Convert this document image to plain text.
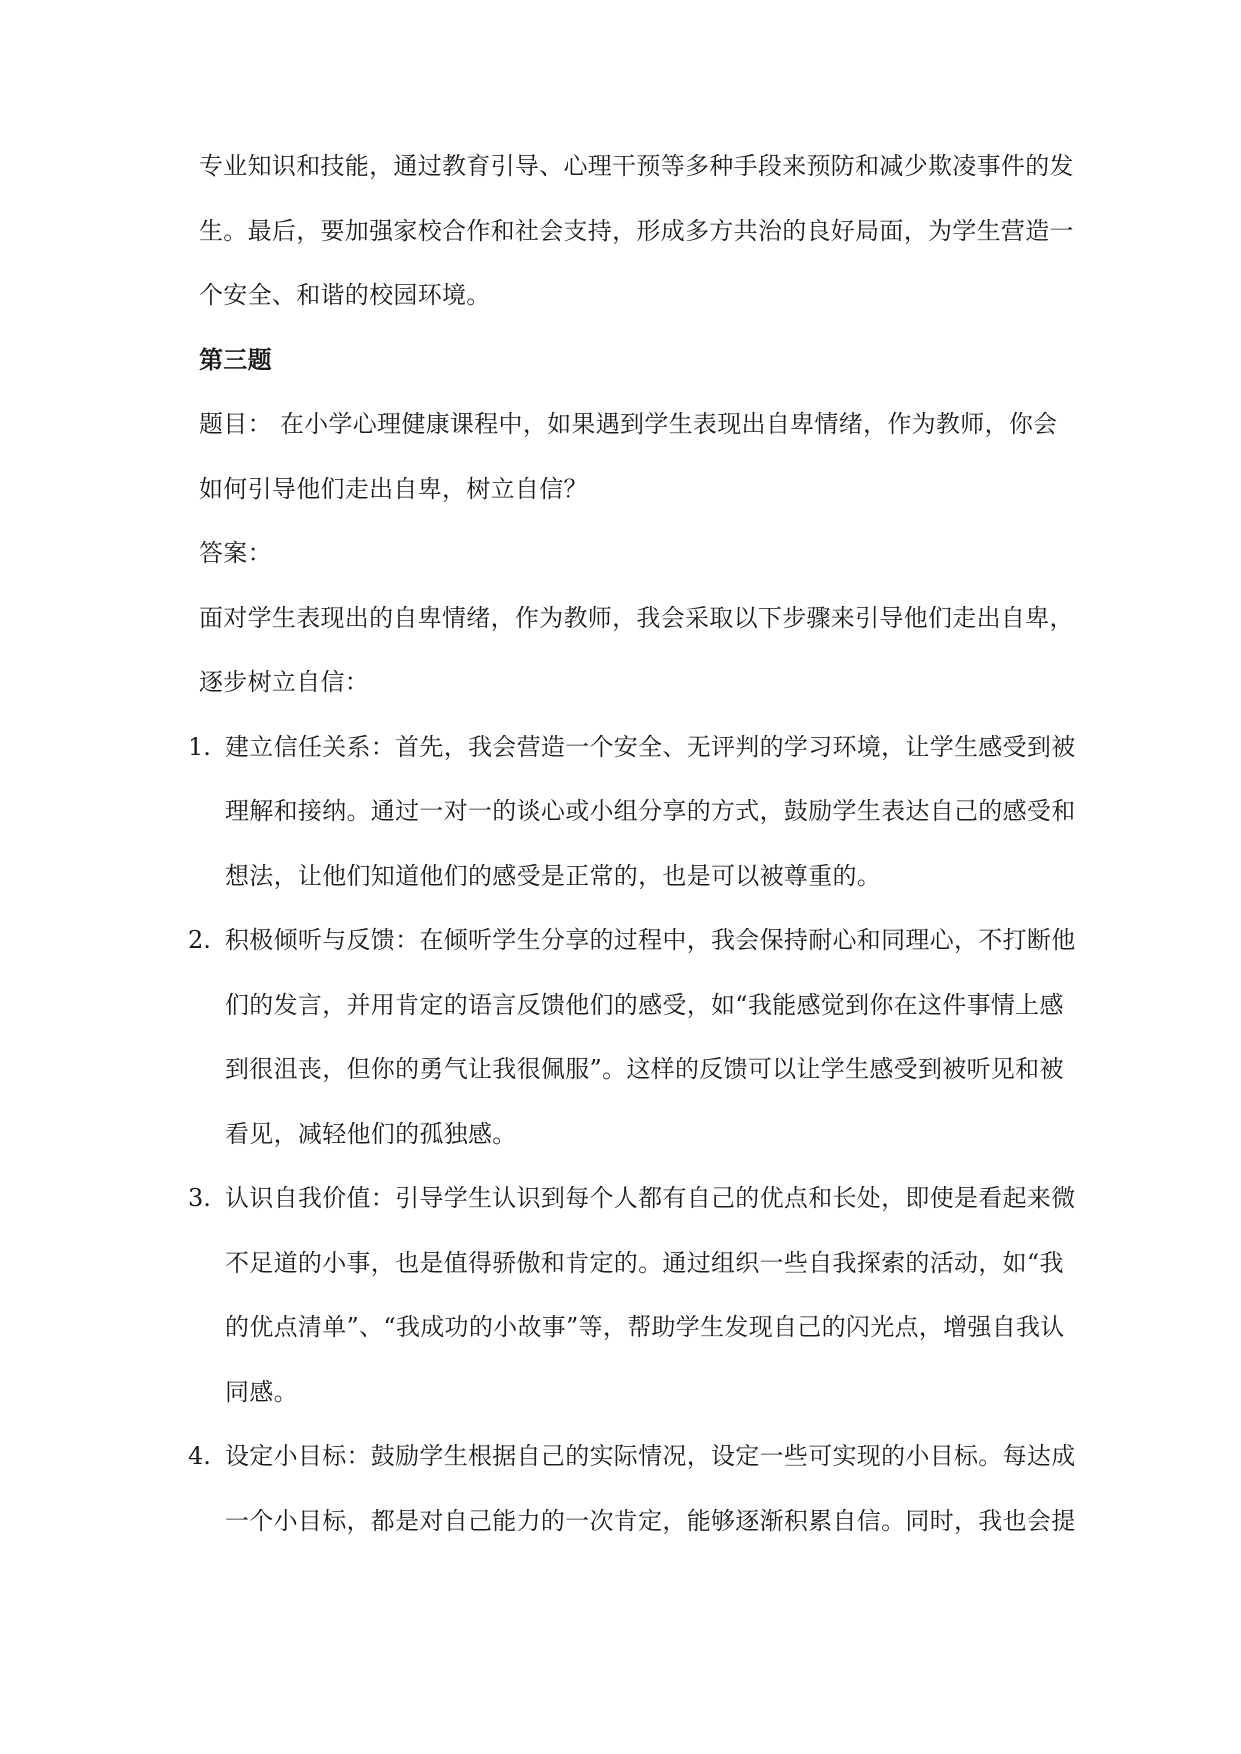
专业知识和技能，通过教育引导、心理干预等多种手段来预防和减少欺凌事件的发
生。最后，要加强家校合作和社会支持，形成多方共治的良好局面，为学生营造一
个安全、和谐的校园环境。
第三题
题目： 在小学心理健康课程中，如果遇到学生表现出自卑情绪，作为教师，你会
如何引导他们走出自卑，树立自信？
答案：
面对学生表现出的自卑情绪，作为教师，我会采取以下步骤来引导他们走出自卑，
逐步树立自信：
1. 建立信任关系：首先，我会营造一个安全、无评判的学习环境，让学生感受到被
理解和接纳。通过一对一的谈心或小组分享的方式，鼓励学生表达自己的感受和
想法，让他们知道他们的感受是正常的，也是可以被尊重的。
2. 积极倾听与反馈：在倾听学生分享的过程中，我会保持耐心和同理心，不打断他
们的发言，并用肯定的语言反馈他们的感受，如“我能感觉到你在这件事情上感
到很沮丧，但你的勇气让我很佩服”。这样的反馈可以让学生感受到被听见和被
看见，减轻他们的孤独感。
3. 认识自我价值：引导学生认识到每个人都有自己的优点和长处，即使是看起来微
不足道的小事，也是值得骄傲和肯定的。通过组织一些自我探索的活动，如“我
的优点清单”、“我成功的小故事”等，帮助学生发现自己的闪光点，增强自我认
同感。
4. 设定小目标：鼓励学生根据自己的实际情况，设定一些可实现的小目标。每达成
一个小目标，都是对自己能力的一次肯定，能够逐渐积累自信。同时，我也会提
